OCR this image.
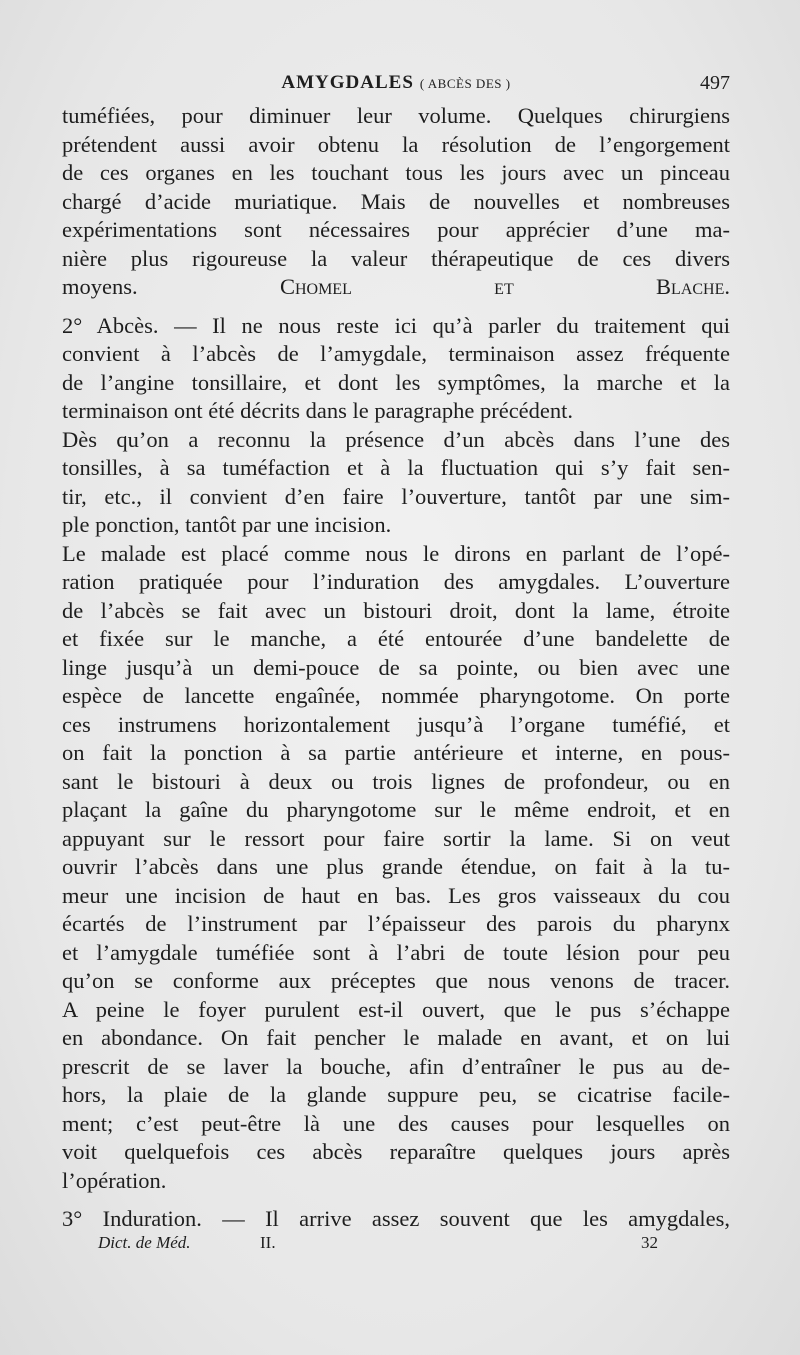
AMYGDALES ( ABCÈS DES )	497
tuméfiées, pour diminuer leur volume. Quelques chirurgiens
prétendent aussi avoir obtenu la résolution de l’engorgement
de ces organes en les touchant tous les jours avec un pinceau
chargé d’acide muriatique. Mais de nouvelles et nombreuses
expérimentations sont nécessaires pour apprécier d’une ma-
nière plus rigoureuse la valeur thérapeutique de ces divers
moyens.	Chomel et Blache.
2° Abcès. — Il ne nous reste ici qu’à parler du traitement qui
convient à l’abcès de l’amygdale, terminaison assez fréquente
de l’angine tonsillaire, et dont les symptômes, la marche et la
terminaison ont été décrits dans le paragraphe précédent.
Dès qu’on a reconnu la présence d’un abcès dans l’une des
tonsilles, à sa tuméfaction et à la fluctuation qui s’y fait sen-
tir, etc., il convient d’en faire l’ouverture, tantôt par une sim-
ple ponction, tantôt par une incision.
Le malade est placé comme nous le dirons en parlant de l’opé-
ration pratiquée pour l’induration des amygdales. L’ouverture
de l’abcès se fait avec un bistouri droit, dont la lame, étroite
et fixée sur le manche, a été entourée d’une bandelette de
linge jusqu’à un demi-pouce de sa pointe, ou bien avec une
espèce de lancette engaînée, nommée pharyngotome. On porte
ces instrumens horizontalement jusqu’à l’organe tuméfié, et
on fait la ponction à sa partie antérieure et interne, en pous-
sant le bistouri à deux ou trois lignes de profondeur, ou en
plaçant la gaîne du pharyngotome sur le même endroit, et en
appuyant sur le ressort pour faire sortir la lame. Si on veut
ouvrir l’abcès dans une plus grande étendue, on fait à la tu-
meur une incision de haut en bas. Les gros vaisseaux du cou
écartés de l’instrument par l’épaisseur des parois du pharynx
et l’amygdale tuméfiée sont à l’abri de toute lésion pour peu
qu’on se conforme aux préceptes que nous venons de tracer.
A peine le foyer purulent est-il ouvert, que le pus s’échappe
en abondance. On fait pencher le malade en avant, et on lui
prescrit de se laver la bouche, afin d’entraîner le pus au de-
hors, la plaie de la glande suppure peu, se cicatrise facile-
ment; c’est peut-être là une des causes pour lesquelles on
voit quelquefois ces abcès reparaître quelques jours après
l’opération.
3° Induration. — Il arrive assez souvent que les amygdales,
Dict. de Méd.	II.	32
